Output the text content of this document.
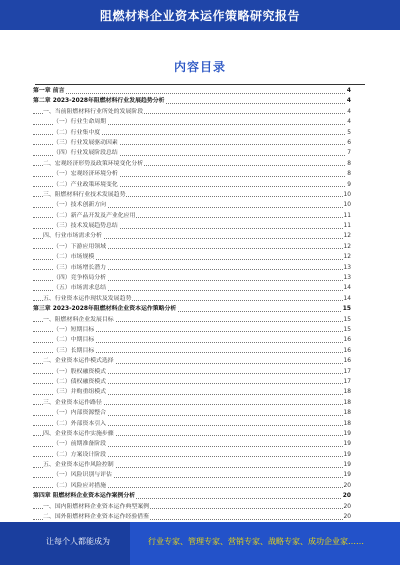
阻燃材料企业资本运作策略研究报告
内容目录
第一章 前言	4
第二章 2023-2028年阻燃材料行业发展趋势分析	4
一、当前阻燃材料行业所处的发展阶段	4
（一）行业生命周期	4
（二）行业集中度	5
（三）行业发展驱动因素	6
（四）行业发展阶段总结	7
二、宏观经济形势及政策环境变化分析	8
（一）宏观经济环境分析	8
（二）产业政策环境变化	9
三、阻燃材料行业技术发展趋势	10
（一）技术创新方向	10
（二）新产品开发及产业化应用	11
（三）技术发展趋势总结	11
四、行业市场需求分析	12
（一）下游应用领域	12
（二）市场规模	12
（三）市场增长潜力	13
（四）竞争格局分析	13
（五）市场需求总结	14
五、行业资本运作现状及发展趋势	14
第三章 2023-2028年阻燃材料企业资本运作策略分析	15
一、阻燃材料企业发展目标	15
（一）短期目标	15
（二）中期目标	16
（三）长期目标	16
二、企业资本运作模式选择	16
（一）股权融资模式	17
（二）债权融资模式	17
（三）并购重组模式	18
三、企业资本运作路径	18
（一）内部资源整合	18
（二）外部资本引入	18
四、企业资本运作实施步骤	19
（一）前期准备阶段	19
（二）方案设计阶段	19
五、企业资本运作风险控制	19
（一）风险识别与评估	19
（二）风险应对措施	20
第四章 阻燃材料企业资本运作案例分析	20
一、国内阻燃材料企业资本运作典型案例	20
二、国外阻燃材料企业资本运作经验借鉴	20
让每个人都能成为	行业专家、管理专家、营销专家、战略专家、成功企业家……
